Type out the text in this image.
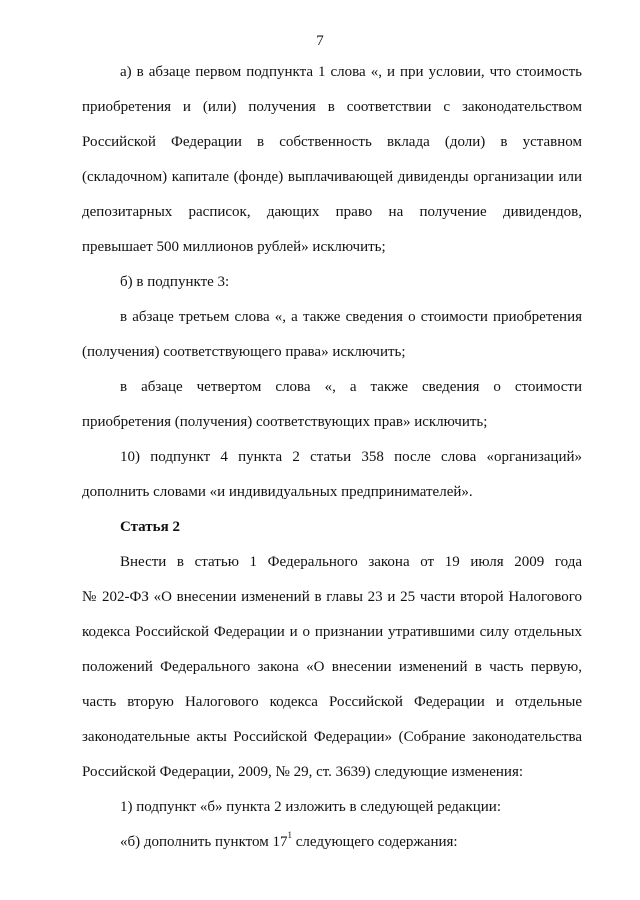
7
а) в абзаце первом подпункта 1 слова «, и при условии, что стоимость
приобретения и (или) получения в соответствии с законодательством
Российской Федерации в собственность вклада (доли) в уставном
(складочном) капитале (фонде) выплачивающей дивиденды организации или
депозитарных расписок, дающих право на получение дивидендов,
превышает 500 миллионов рублей» исключить;
б) в подпункте 3:
в абзаце третьем слова «, а также сведения о стоимости приобретения
(получения) соответствующего права» исключить;
в абзаце четвертом слова «, а также сведения о стоимости
приобретения (получения) соответствующих прав» исключить;
10) подпункт 4 пункта 2 статьи 358 после слова «организаций»
дополнить словами «и индивидуальных предпринимателей».
Статья 2
Внести в статью 1 Федерального закона от 19 июля 2009 года
№ 202-ФЗ «О внесении изменений в главы 23 и 25 части второй Налогового
кодекса Российской Федерации и о признании утратившими силу отдельных
положений Федерального закона «О внесении изменений в часть первую,
часть вторую Налогового кодекса Российской Федерации и отдельные
законодательные акты Российской Федерации» (Собрание законодательства
Российской Федерации, 2009, № 29, ст. 3639) следующие изменения:
1) подпункт «б» пункта 2 изложить в следующей редакции:
«б) дополнить пунктом $17^1$ следующего содержания:
